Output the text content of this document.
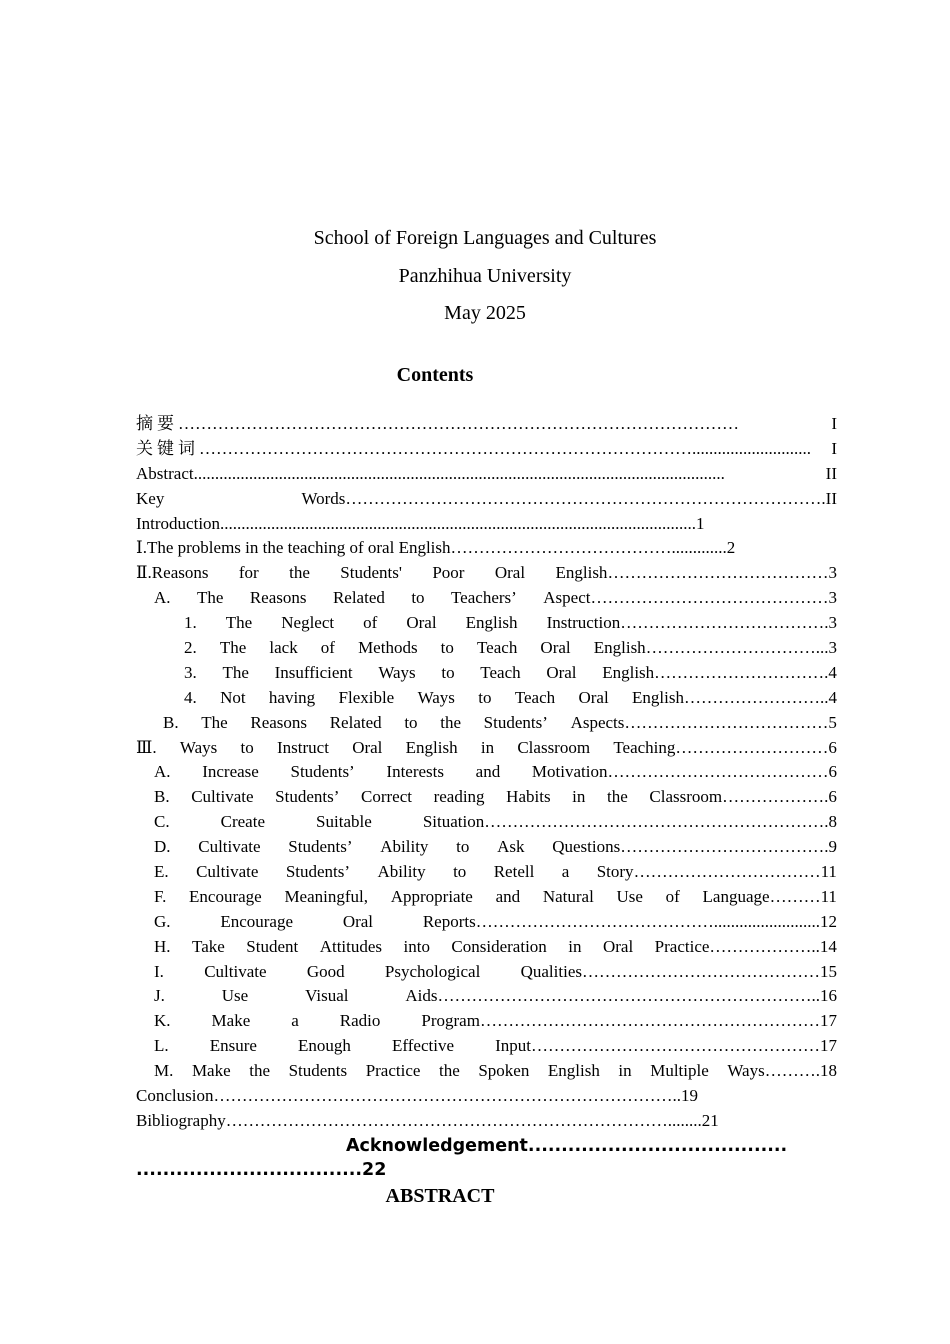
School of Foreign Languages and Cultures
Panzhihua University
May 2025
Contents
摘要 ………………………………………………………………………………………	I
关键词 ……………………………………………………………………………............................	I
Abstract .............................................................................................................................	II
Key	Words………………………………………………………………………….II
Introduction ................................................................................................................ 1
Ⅰ.The problems in the teaching of oral English …………………………………............. 2
Ⅱ.Reasons for the Students' Poor Oral English…………………………………3
A. The Reasons Related to Teachers’ Aspect……………………………………3
1. The Neglect of Oral English Instruction……………………………….3
2. The lack of Methods to Teach Oral English…………………………...3
3. The Insufficient Ways to Teach Oral English………………………….4
4. Not having Flexible Ways to Teach Oral English……………………..4
B. The Reasons Related to the Students’ Aspects………………………………5
Ⅲ. Ways to Instruct Oral English in Classroom Teaching………………………6
A. Increase Students’ Interests and Motivation…………………………………6
B. Cultivate Students’ Correct reading Habits in the Classroom……………….6
C.	Create	Suitable	Situation…………………………………………………….8
D. Cultivate Students’ Ability to Ask Questions……………………………….9
E. Cultivate Students’ Ability to Retell a Story……………………………11
F. Encourage Meaningful, Appropriate and Natural Use of Language………11
G.	Encourage	Oral	Reports…………………………………….........................12
H. Take Student Attitudes into Consideration in Oral Practice………………..14
I. Cultivate Good Psychological Qualities……………………………………15
J.	Use	Visual	Aids…………………………………………………………..16
K. Make a Radio Program……………………………………………………17
L. Ensure Enough Effective Input……………………………………………17
M. Make the Students Practice the Spoken English in Multiple Ways……….18
Conclusion ……………………………………………………………………….. 19
Bibliography ……………………………………………………………………........ 21
Acknowledgement.......................................
..................................22
ABSTRACT
